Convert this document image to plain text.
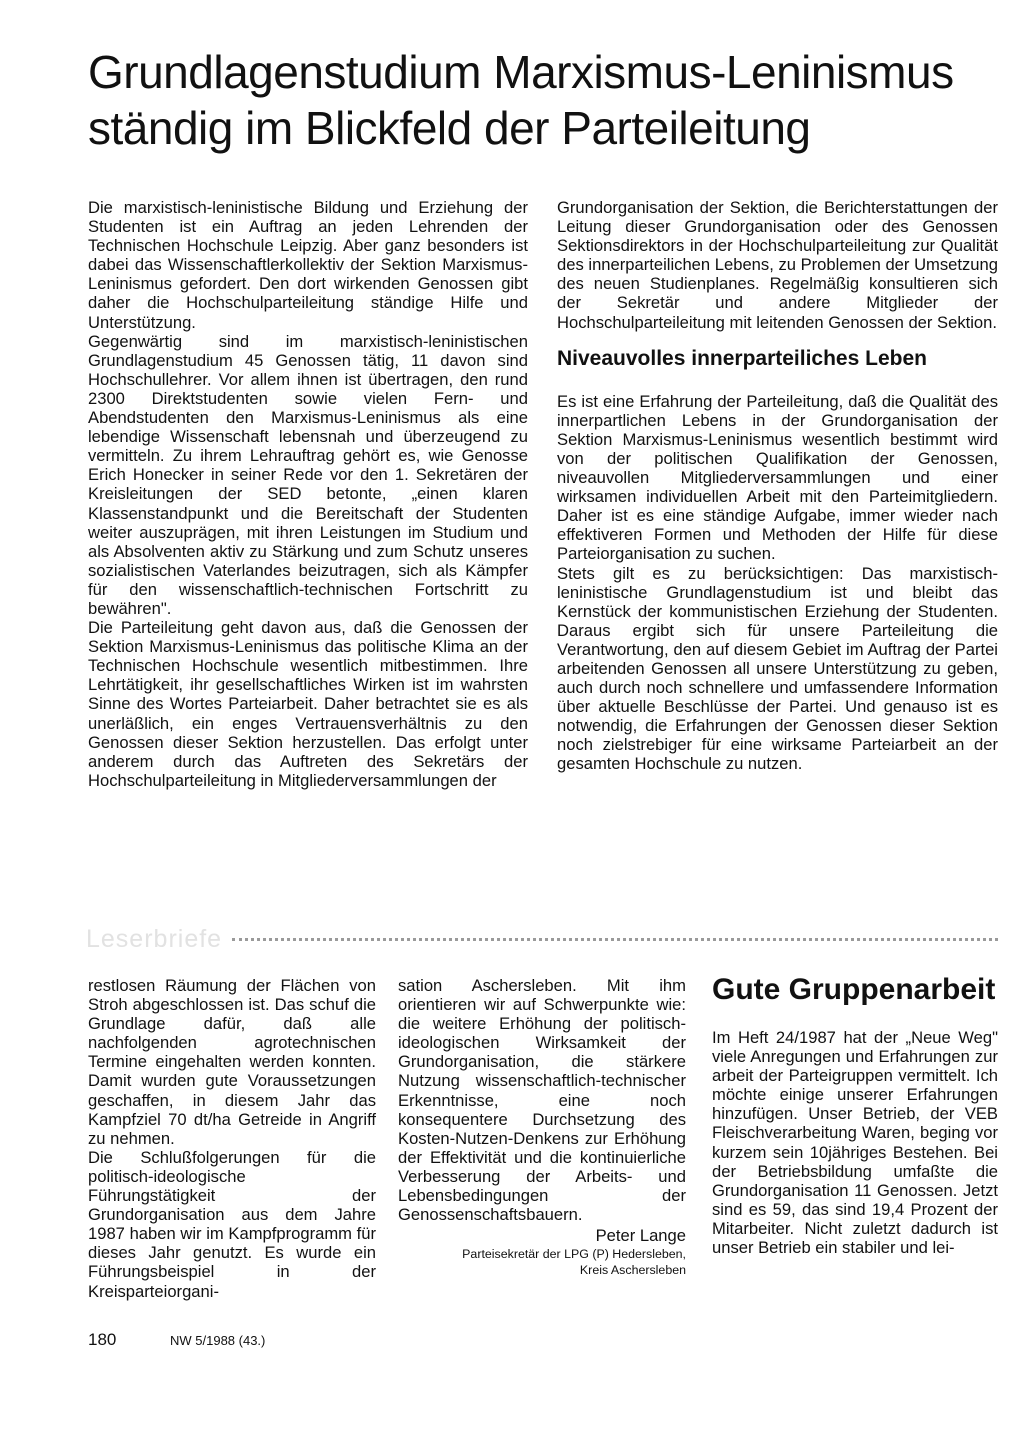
Grundlagenstudium Marxismus-Leninismus
ständig im Blickfeld der Parteileitung

Die marxistisch-leninistische Bildung und Erziehung der Studenten ist ein Auftrag an jeden Lehrenden der Technischen Hochschule Leipzig. Aber ganz besonders ist dabei das Wissenschaftlerkollektiv der Sektion Marxismus-Leninismus gefordert. Den dort wirkenden Genossen gibt daher die Hochschulparteileitung ständige Hilfe und Unterstützung.

Gegenwärtig sind im marxistisch-leninistischen Grundlagenstudium 45 Genossen tätig, 11 davon sind Hochschullehrer. Vor allem ihnen ist übertragen, den rund 2300 Direktstudenten sowie vielen Fern- und Abendstudenten den Marxismus-Leninismus als eine lebendige Wissenschaft lebensnah und überzeugend zu vermitteln. Zu ihrem Lehrauftrag gehört es, wie Genosse Erich Honecker in seiner Rede vor den 1. Sekretären der Kreisleitungen der SED betonte, „einen klaren Klassenstandpunkt und die Bereitschaft der Studenten weiter auszuprägen, mit ihren Leistungen im Studium und als Absolventen aktiv zu Stärkung und zum Schutz unseres sozialistischen Vaterlandes beizutragen, sich als Kämpfer für den wissenschaftlich-technischen Fortschritt zu bewähren".

Die Parteileitung geht davon aus, daß die Genossen der Sektion Marxismus-Leninismus das politische Klima an der Technischen Hochschule wesentlich mitbestimmen. Ihre Lehrtätigkeit, ihr gesellschaftliches Wirken ist im wahrsten Sinne des Wortes Parteiarbeit. Daher betrachtet sie es als unerläßlich, ein enges Vertrauensverhältnis zu den Genossen dieser Sektion herzustellen. Das erfolgt unter anderem durch das Auftreten des Sekretärs der Hochschulparteileitung in Mitgliederversammlungen der

Grundorganisation der Sektion, die Berichterstattungen der Leitung dieser Grundorganisation oder des Genossen Sektionsdirektors in der Hochschulparteileitung zur Qualität des innerparteilichen Lebens, zu Problemen der Umsetzung des neuen Studienplanes. Regelmäßig konsultieren sich der Sekretär und andere Mitglieder der Hochschulparteileitung mit leitenden Genossen der Sektion.

Niveauvolles innerparteiliches Leben

Es ist eine Erfahrung der Parteileitung, daß die Qualität des innerpartlichen Lebens in der Grundorganisation der Sektion Marxismus-Leninismus wesentlich bestimmt wird von der politischen Qualifikation der Genossen, niveauvollen Mitgliederversammlungen und einer wirksamen individuellen Arbeit mit den Parteimitgliedern. Daher ist es eine ständige Aufgabe, immer wieder nach effektiveren Formen und Methoden der Hilfe für diese Parteiorganisation zu suchen.

Stets gilt es zu berücksichtigen: Das marxistisch-leninistische Grundlagenstudium ist und bleibt das Kernstück der kommunistischen Erziehung der Studenten. Daraus ergibt sich für unsere Parteileitung die Verantwortung, den auf diesem Gebiet im Auftrag der Partei arbeitenden Genossen all unsere Unterstützung zu geben, auch durch noch schnellere und umfassendere Information über aktuelle Beschlüsse der Partei. Und genauso ist es notwendig, die Erfahrungen der Genossen dieser Sektion noch zielstrebiger für eine wirksame Parteiarbeit an der gesamten Hochschule zu nutzen.

Leserbriefe

restlosen Räumung der Flächen von Stroh abgeschlossen ist. Das schuf die Grundlage dafür, daß alle nachfolgenden agrotechnischen Termine eingehalten werden konnten. Damit wurden gute Voraussetzungen geschaffen, in diesem Jahr das Kampfziel 70 dt/ha Getreide in Angriff zu nehmen.

Die Schlußfolgerungen für die politisch-ideologische Führungstätigkeit der Grundorganisation aus dem Jahre 1987 haben wir im Kampfprogramm für dieses Jahr genutzt. Es wurde ein Führungsbeispiel in der Kreisparteiorgani-

sation Aschersleben. Mit ihm orientieren wir auf Schwerpunkte wie: die weitere Erhöhung der politisch-ideologischen Wirksamkeit der Grundorganisation, die stärkere Nutzung wissenschaftlich-technischer Erkenntnisse, eine noch konsequentere Durchsetzung des Kosten-Nutzen-Denkens zur Erhöhung der Effektivität und die kontinuierliche Verbesserung der Arbeits- und Lebensbedingungen der Genossenschaftsbauern.

Peter Lange
Parteisekretär der LPG (P) Hedersleben,
Kreis Aschersleben
Gute Gruppenarbeit

Im Heft 24/1987 hat der „Neue Weg" viele Anregungen und Erfahrungen zur arbeit der Parteigruppen vermittelt. Ich möchte einige unserer Erfahrungen hinzufügen. Unser Betrieb, der VEB Fleischverarbeitung Waren, beging vor kurzem sein 10jähriges Bestehen. Bei der Betriebsbildung umfaßte die Grundorganisation 11 Genossen. Jetzt sind es 59, das sind 19,4 Prozent der Mitarbeiter. Nicht zuletzt dadurch ist unser Betrieb ein stabiler und lei-

180	NW 5/1988 (43.)
